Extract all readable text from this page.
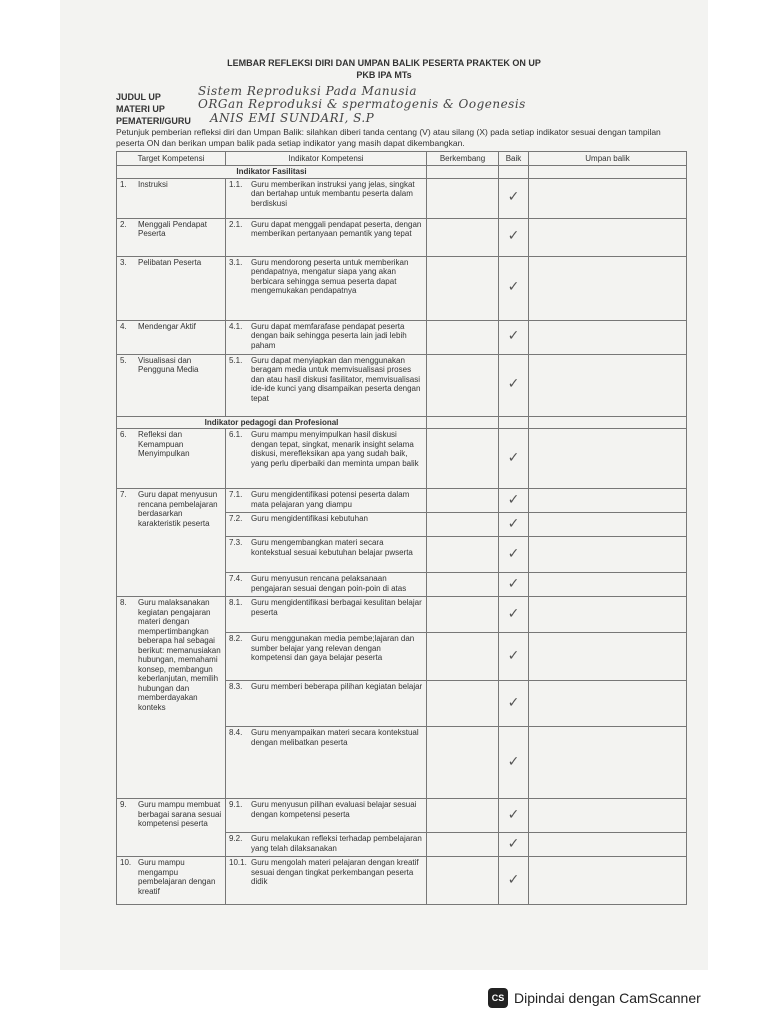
LEMBAR REFLEKSI DIRI DAN UMPAN BALIK PESERTA PRAKTEK ON UP
PKB IPA MTs
JUDUL UP	Sistem Reproduksi Pada Manusia
MATERI UP	ORGan Reproduksi & spermatogenis & Oogenesis
PEMATERI/GURU ANIS EMI SUNDARI, S.P
Petunjuk pemberian refleksi diri dan Umpan Balik: silahkan diberi tanda centang (V) atau silang (X) pada setiap indikator sesuai dengan tampilan peserta ON dan berikan umpan balik pada setiap indikator yang masih dapat dikembangkan.
Target Kompetensi	Indikator Kompetensi	Berkembang	Baik	Umpan balik
Indikator Fasilitasi				

1. Instruksi	1.1. Guru memberikan instruksi yang jelas, singkat dan bertahap untuk membantu peserta dalam berdiskusi		✓	

2. Menggali Pendapat Peserta	2.1. Guru dapat menggali pendapat peserta, dengan memberikan pertanyaan pemantik yang tepat		✓	

3. Pelibatan Peserta	3.1. Guru mendorong peserta untuk memberikan pendapatnya, mengatur siapa yang akan berbicara sehingga semua peserta dapat mengemukakan pendapatnya		✓	

4. Mendengar Aktif	4.1. Guru dapat memfarafase pendapat peserta dengan baik sehingga peserta lain jadi lebih paham		✓	

5. Visualisasi dan Pengguna Media	5.1. Guru dapat menyiapkan dan menggunakan beragam media untuk memvisualisasi proses dan atau hasil diskusi fasilitator, memvisualisasi ide-ide kunci yang disampaikan peserta dengan tepat		✓	
Indikator pedagogi dan Profesional				

6. Refleksi dan Kemampuan Menyimpulkan	6.1. Guru mampu menyimpulkan hasil diskusi dengan tepat, singkat, menarik insight selama diskusi, merefleksikan apa yang sudah baik, yang perlu diperbaiki dan meminta umpan balik		✓	

7. Guru dapat menyusun rencana pembelajaran berdasarkan karakteristik peserta	7.1. Guru mengidentifikasi potensi peserta dalam mata pelajaran yang diampu		✓	

	7.2. Guru mengidentifikasi kebutuhan		✓	

	7.3. Guru mengembangkan materi secara kontekstual sesuai kebutuhan belajar pwserta		✓	

	7.4. Guru menyusun rencana pelaksanaan pengajaran sesuai dengan poin-poin di atas		✓	

8. Guru malaksanakan kegiatan pengajaran materi dengan mempertimbangkan beberapa hal sebagai berikut: memanusiakan hubungan, memahami konsep, membangun keberlanjutan, memilih hubungan dan memberdayakan konteks	8.1. Guru mengidentifikasi berbagai kesulitan belajar peserta		✓	

	8.2. Guru menggunakan media pembe;lajaran dan sumber belajar yang relevan dengan kompetensi dan gaya belajar peserta		✓	

	8.3. Guru memberi beberapa pilihan kegiatan belajar		✓	

	8.4. Guru menyampaikan materi secara kontekstual dengan melibatkan peserta		✓	

9. Guru mampu membuat berbagai sarana sesuai kompetensi peserta	9.1. Guru menyusun pilihan evaluasi belajar sesuai dengan kompetensi peserta		✓	

	9.2. Guru melakukan refleksi terhadap pembelajaran yang telah dilaksanakan		✓	

10. Guru mampu mengampu pembelajaran dengan kreatif	10.1. Guru mengolah materi pelajaran dengan kreatif sesuai dengan tingkat perkembangan peserta didik		✓	
CS Dipindai dengan CamScanner
